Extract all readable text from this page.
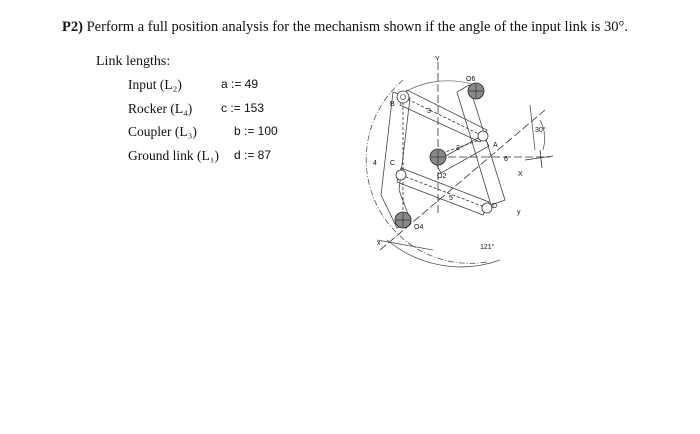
P2) Perform a full position analysis for the mechanism shown if the angle of the input link is 30°.
Link lengths:
Input (L₂)	a := 49
Rocker (L₄) c := 153
Coupler (L₃)	b := 100
Ground link (L₁) d := 87
Y
O6
B
3
A
2
30°
4 C
O2
6
X
5
D
y
O4
x
121°
